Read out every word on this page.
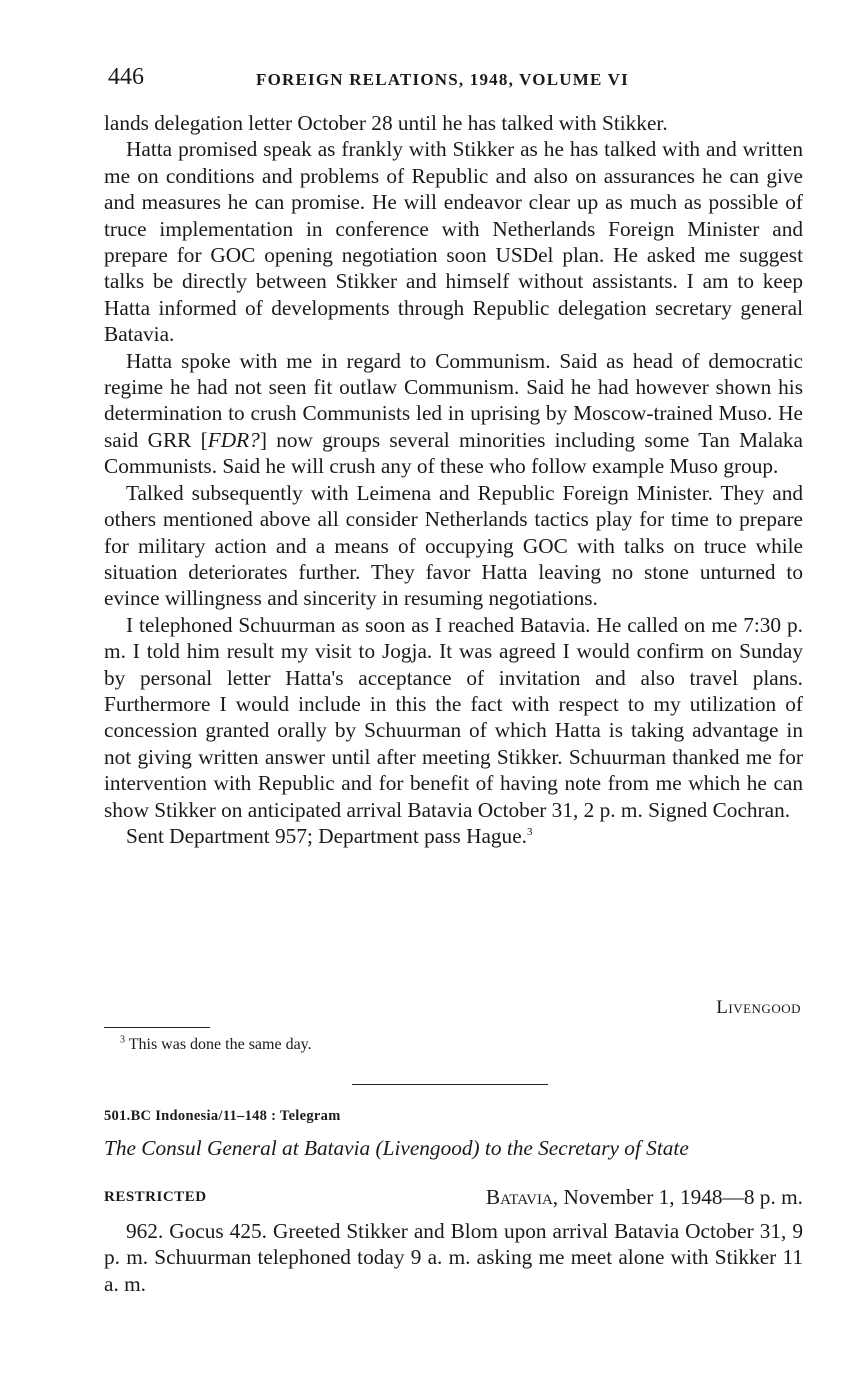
446	FOREIGN RELATIONS, 1948, VOLUME VI

lands delegation letter October 28 until he has talked with Stikker.

Hatta promised speak as frankly with Stikker as he has talked with and written me on conditions and problems of Republic and also on assurances he can give and measures he can promise. He will endeavor clear up as much as possible of truce implementation in conference with Netherlands Foreign Minister and prepare for GOC opening negotiation soon USDel plan. He asked me suggest talks be directly between Stikker and himself without assistants. I am to keep Hatta informed of developments through Republic delegation secretary general Batavia.

Hatta spoke with me in regard to Communism. Said as head of democratic regime he had not seen fit outlaw Communism. Said he had however shown his determination to crush Communists led in uprising by Moscow-trained Muso. He said GRR [FDR?] now groups several minorities including some Tan Malaka Communists. Said he will crush any of these who follow example Muso group.

Talked subsequently with Leimena and Republic Foreign Minister. They and others mentioned above all consider Netherlands tactics play for time to prepare for military action and a means of occupying GOC with talks on truce while situation deteriorates further. They favor Hatta leaving no stone unturned to evince willingness and sincerity in resuming negotiations.

I telephoned Schuurman as soon as I reached Batavia. He called on me 7:30 p. m. I told him result my visit to Jogja. It was agreed I would confirm on Sunday by personal letter Hatta's acceptance of invitation and also travel plans. Furthermore I would include in this the fact with respect to my utilization of concession granted orally by Schuurman of which Hatta is taking advantage in not giving written answer until after meeting Stikker. Schuurman thanked me for intervention with Republic and for benefit of having note from me which he can show Stikker on anticipated arrival Batavia October 31, 2 p. m. Signed Cochran.

Sent Department 957; Department pass Hague.$^3$

Livengood
$^3$ This was done the same day.
501.BC Indonesia/11–148 : Telegram
The Consul General at Batavia (Livengood) to the Secretary of State
RESTRICTED	Batavia, November 1, 1948—8 p. m.

962. Gocus 425. Greeted Stikker and Blom upon arrival Batavia October 31, 9 p. m. Schuurman telephoned today 9 a. m. asking me meet alone with Stikker 11 a. m.
